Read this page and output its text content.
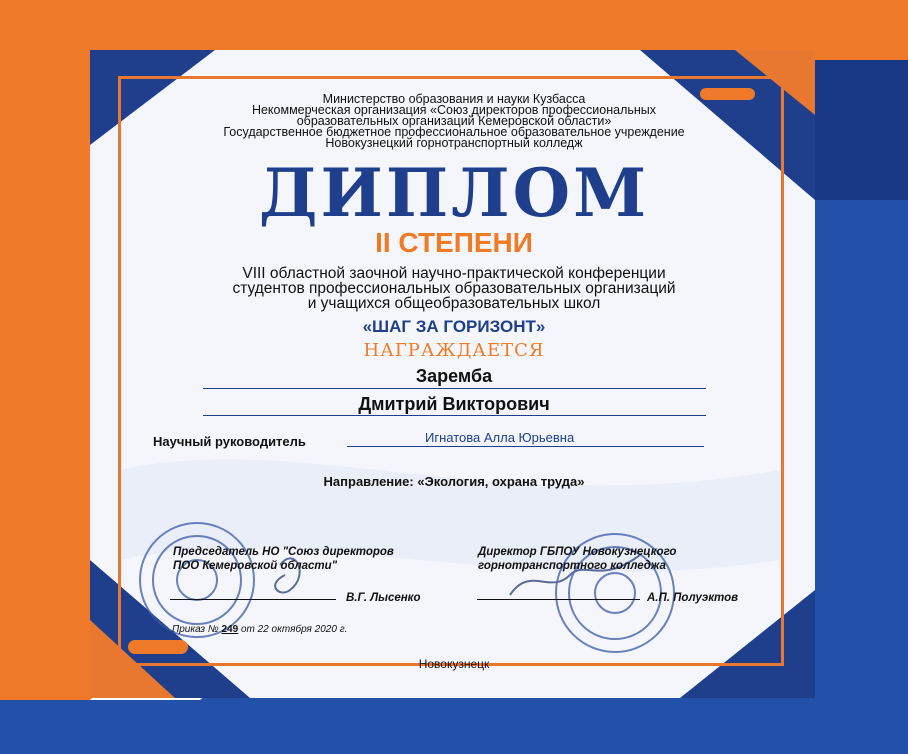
Министерство образования и науки Кузбасса
Некоммерческая организация «Союз директоров профессиональных
образовательных организаций Кемеровской области»
Государственное бюджетное профессиональное образовательное учреждение
Новокузнецкий горнотранспортный колледж
ДИПЛОМ
II СТЕПЕНИ
VIII областной заочной научно-практической конференции
студентов профессиональных образовательных организаций
и учащихся общеобразовательных школ
«ШАГ ЗА ГОРИЗОНТ»
НАГРАЖДАЕТСЯ
Заремба
Дмитрий Викторович
Научный руководитель	Игнатова Алла Юрьевна
Направление: «Экология, охрана труда»
Председатель НО "Союз директоров
ПОО Кемеровской области"
В.Г. Лысенко
Директор ГБПОУ Новокузнецкого
горнотранспортного колледжа
А.П. Полуэктов
Приказ № 249 от 22 октября 2020 г.
Новокузнецк
